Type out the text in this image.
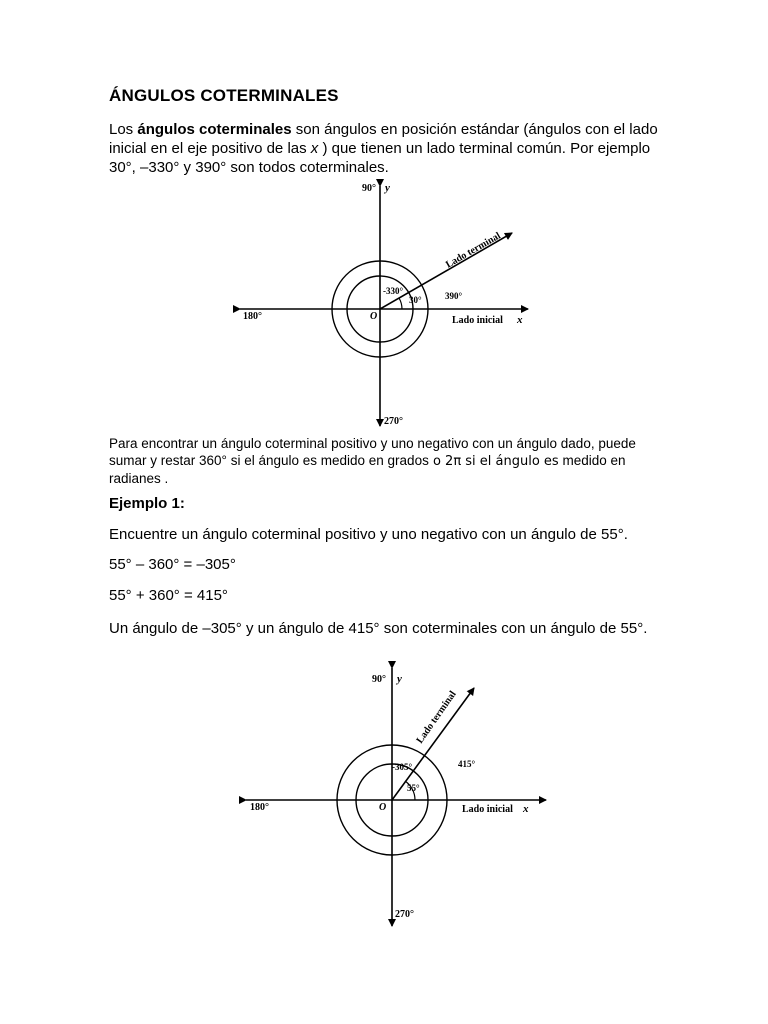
ÁNGULOS COTERMINALES

Los ángulos coterminales son ángulos en posición estándar (ángulos con el lado inicial en el eje positivo de las x ) que tienen un lado terminal común. Por ejemplo 30°, –330° y 390° son todos coterminales.

90° y
180°	O	x
270°
Lado terminal
Lado inicial
30°
-330°	390°

Para encontrar un ángulo coterminal positivo y uno negativo con un ángulo dado, puede sumar y restar 360° si el ángulo es medido en grados o 2π si el ángulo es medido en radianes .

Ejemplo 1:

Encuentre un ángulo coterminal positivo y uno negativo con un ángulo de 55°.

55° – 360° = –305°

55° + 360° = 415°

Un ángulo de –305° y un ángulo de 415° son coterminales con un ángulo de 55°.

90° y
180°	O	x
270°
Lado terminal
Lado inicial
55°
-305°	415°
